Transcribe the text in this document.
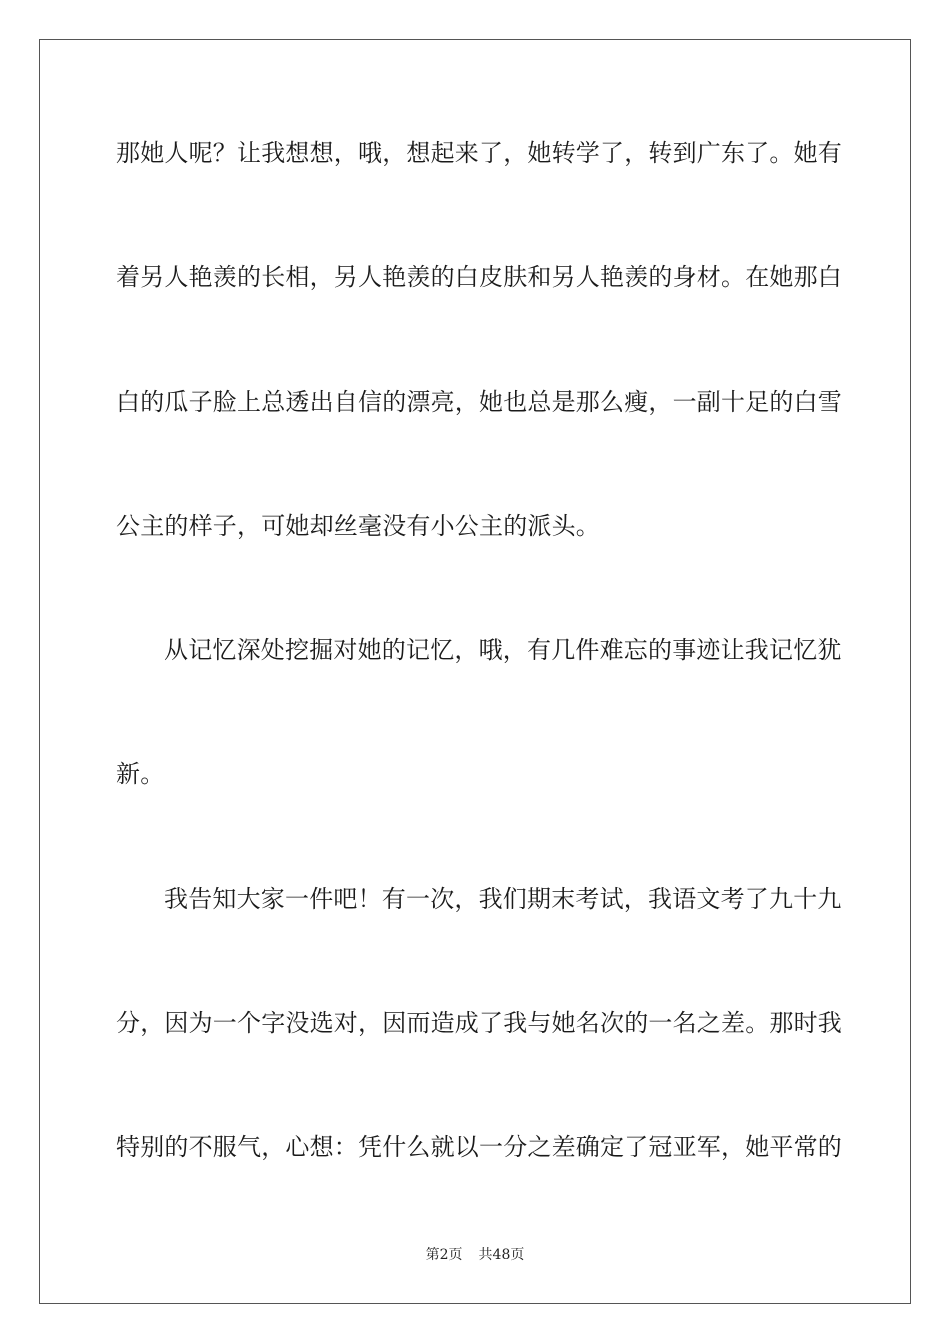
那她人呢？让我想想，哦，想起来了，她转学了，转到广东了。她有
着另人艳羡的长相，另人艳羡的白皮肤和另人艳羡的身材。在她那白
白的瓜子脸上总透出自信的漂亮，她也总是那么瘦，一副十足的白雪
公主的样子，可她却丝毫没有小公主的派头。
从记忆深处挖掘对她的记忆，哦，有几件难忘的事迹让我记忆犹
新。
我告知大家一件吧！有一次，我们期末考试，我语文考了九十九
分，因为一个字没选对，因而造成了我与她名次的一名之差。那时我
特别的不服气，心想：凭什么就以一分之差确定了冠亚军，她平常的
第2页 共48页
